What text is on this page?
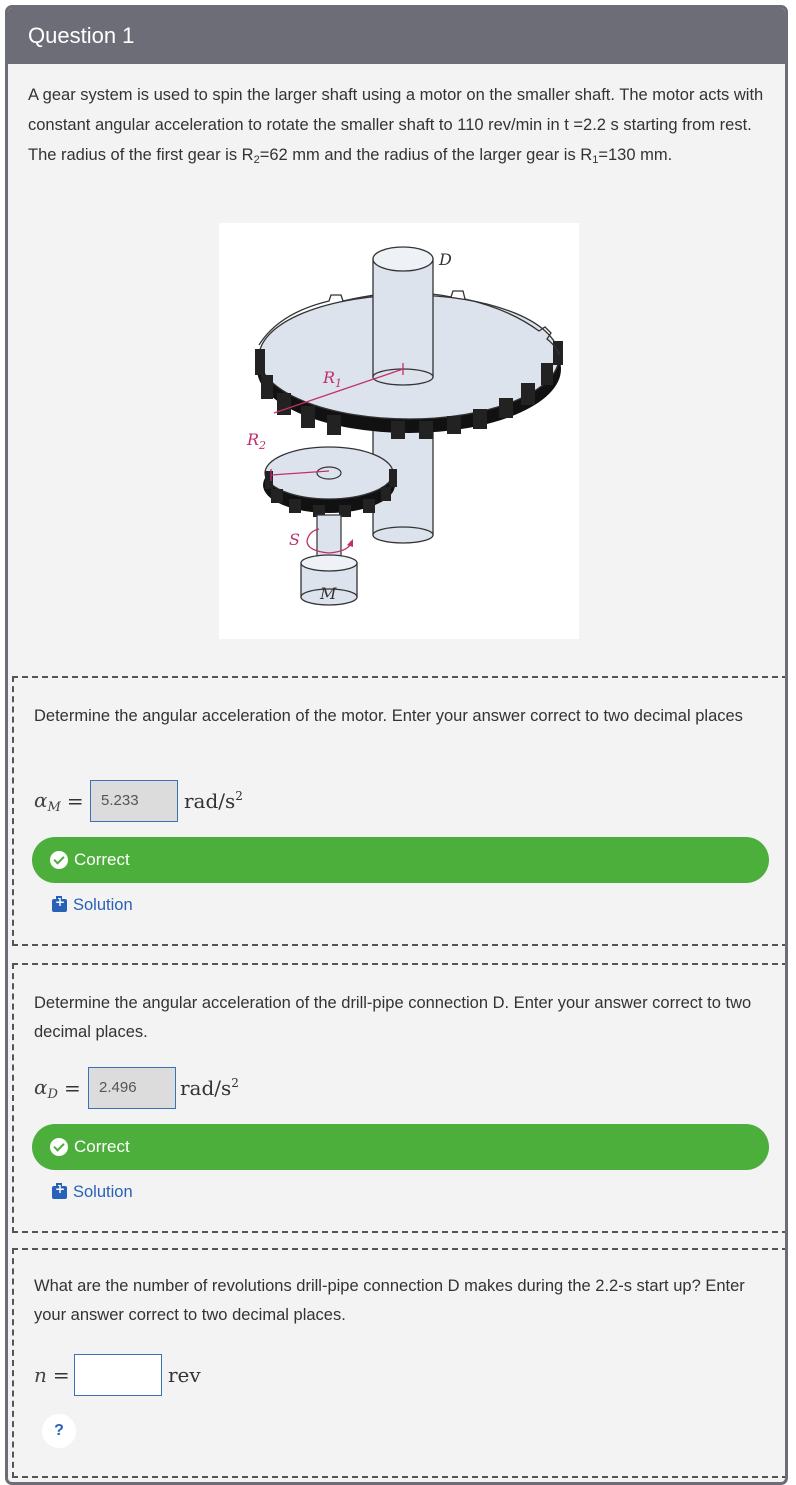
Question 1
A gear system is used to spin the larger shaft using a motor on the smaller shaft. The motor acts with constant angular acceleration to rotate the smaller shaft to 110 rev/min in t =2.2 s starting from rest. The radius of the first gear is $R_2=62$ mm and the radius of the larger gear is $R_1=130$ mm.
D
$R_1$
$R_2$
S
M
Determine the angular acceleration of the motor. Enter your answer correct to two decimal places
$\alpha_M$ =	5.233	rad/$s^2$
Correct
+
Solution
Determine the angular acceleration of the drill-pipe connection D. Enter your answer correct to two decimal places.
$\alpha_D$ =	2.496	rad/$s^2$
Correct
+
Solution
What are the number of revolutions drill-pipe connection D makes during the 2.2-s start up? Enter your answer correct to two decimal places.
n =	rev
?
